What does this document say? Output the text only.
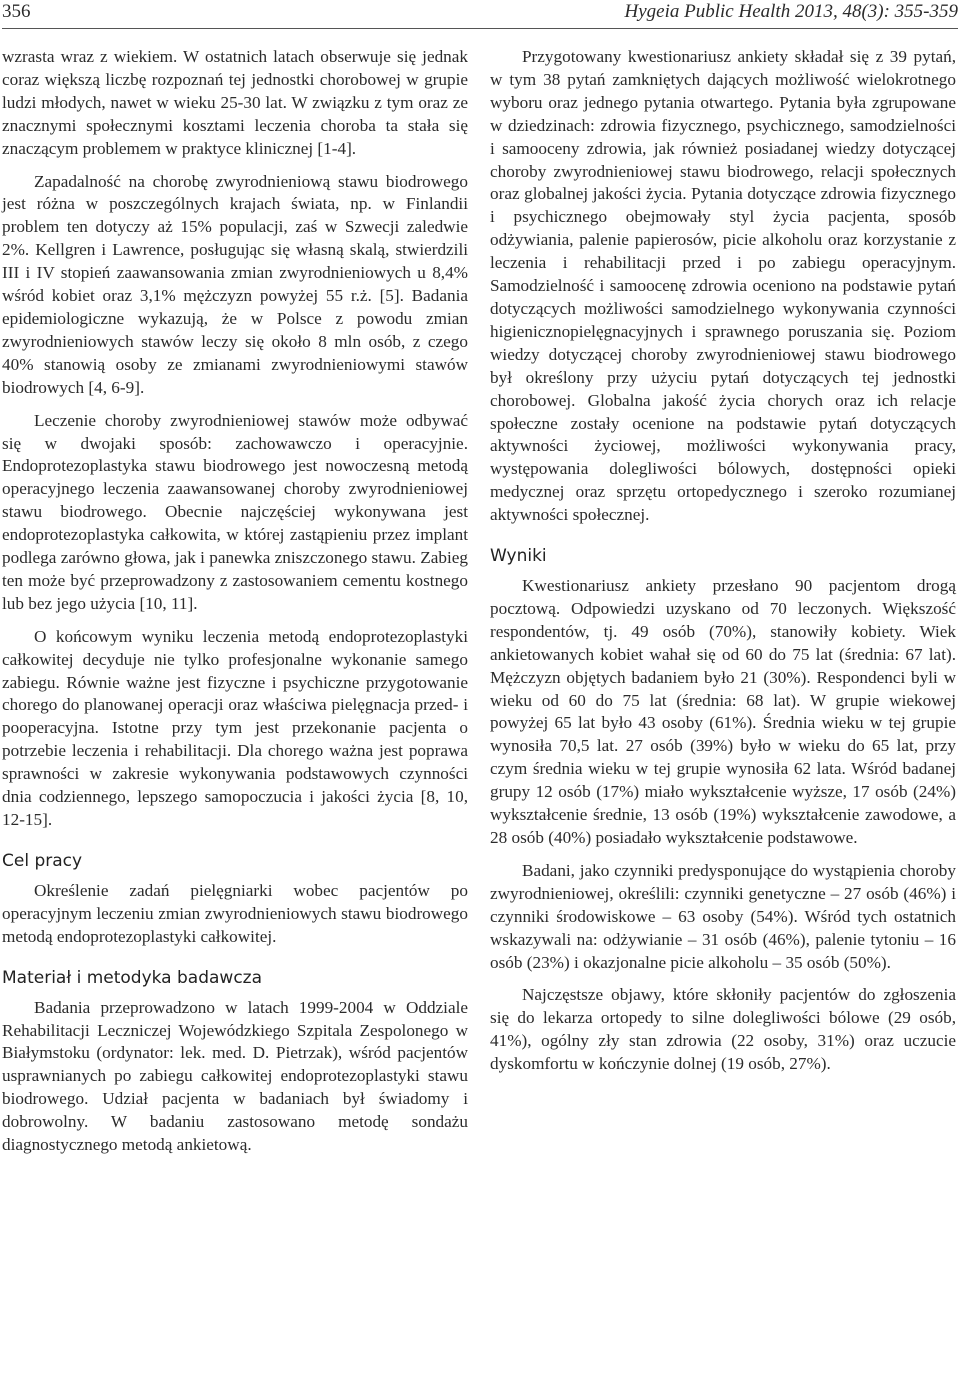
356	Hygeia Public Health 2013, 48(3): 355-359

wzrasta wraz z wiekiem. W ostatnich latach obserwuje się jednak coraz większą liczbę rozpoznań tej jednostki chorobowej w grupie ludzi młodych, nawet w wieku 25-30 lat. W związku z tym oraz ze znacznymi społecznymi kosztami leczenia choroba ta stała się znaczącym problemem w praktyce klinicznej [1-4].

Zapadalność na chorobę zwyrodnieniową stawu biodrowego jest różna w poszczególnych krajach świata, np. w Finlandii problem ten dotyczy aż 15% populacji, zaś w Szwecji zaledwie 2%. Kellgren i Lawrence, posługując się własną skalą, stwierdzili III i IV stopień zaawansowania zmian zwyrodnieniowych u 8,4% wśród kobiet oraz 3,1% mężczyzn powyżej 55 r.ż. [5]. Badania epidemiologiczne wykazują, że w Polsce z powodu zmian zwyrodnieniowych stawów leczy się około 8 mln osób, z czego 40% stanowią osoby ze zmianami zwyrodnieniowymi stawów biodrowych [4, 6-9].

Leczenie choroby zwyrodnieniowej stawów może odbywać się w dwojaki sposób: zachowawczo i operacyjnie. Endoprotezoplastyka stawu biodrowego jest nowoczesną metodą operacyjnego leczenia zaawansowanej choroby zwyrodnieniowej stawu biodrowego. Obecnie najczęściej wykonywana jest endoprotezoplastyka całkowita, w której zastąpieniu przez implant podlega zarówno głowa, jak i panewka zniszczonego stawu. Zabieg ten może być przeprowadzony z zastosowaniem cementu kostnego lub bez jego użycia [10, 11].

O końcowym wyniku leczenia metodą endoprotezoplastyki całkowitej decyduje nie tylko profesjonalne wykonanie samego zabiegu. Równie ważne jest fizyczne i psychiczne przygotowanie chorego do planowanej operacji oraz właściwa pielęgnacja przed- i pooperacyjna. Istotne przy tym jest przekonanie pacjenta o potrzebie leczenia i rehabilitacji. Dla chorego ważna jest poprawa sprawności w zakresie wykonywania podstawowych czynności dnia codziennego, lepszego samopoczucia i jakości życia [8, 10, 12-15].

Cel pracy

Określenie zadań pielęgniarki wobec pacjentów po operacyjnym leczeniu zmian zwyrodnieniowych stawu biodrowego metodą endoprotezoplastyki całkowitej.

Materiał i metodyka badawcza

Badania przeprowadzono w latach 1999-2004 w Oddziale Rehabilitacji Leczniczej Wojewódzkiego Szpitala Zespolonego w Białymstoku (ordynator: lek. med. D. Pietrzak), wśród pacjentów usprawnianych po zabiegu całkowitej endoprotezoplastyki stawu biodrowego. Udział pacjenta w badaniach był świadomy i dobrowolny. W badaniu zastosowano metodę sondażu diagnostycznego metodą ankietową.

Przygotowany kwestionariusz ankiety składał się z 39 pytań, w tym 38 pytań zamkniętych dających możliwość wielokrotnego wyboru oraz jednego pytania otwartego. Pytania była zgrupowane w dziedzinach: zdrowia fizycznego, psychicznego, samodzielności i samooceny zdrowia, jak również posiadanej wiedzy dotyczącej choroby zwyrodnieniowej stawu biodrowego, relacji społecznych oraz globalnej jakości życia. Pytania dotyczące zdrowia fizycznego i psychicznego obejmowały styl życia pacjenta, sposób odżywiania, palenie papierosów, picie alkoholu oraz korzystanie z leczenia i rehabilitacji przed i po zabiegu operacyjnym. Samodzielność i samoocenę zdrowia oceniono na podstawie pytań dotyczących możliwości samodzielnego wykonywania czynności higienicznopielęgnacyjnych i sprawnego poruszania się. Poziom wiedzy dotyczącej choroby zwyrodnieniowej stawu biodrowego był określony przy użyciu pytań dotyczących tej jednostki chorobowej. Globalna jakość życia chorych oraz ich relacje społeczne zostały ocenione na podstawie pytań dotyczących aktywności życiowej, możliwości wykonywania pracy, występowania dolegliwości bólowych, dostępności opieki medycznej oraz sprzętu ortopedycznego i szeroko rozumianej aktywności społecznej.

Wyniki

Kwestionariusz ankiety przesłano 90 pacjentom drogą pocztową. Odpowiedzi uzyskano od 70 leczonych. Większość respondentów, tj. 49 osób (70%), stanowiły kobiety. Wiek ankietowanych kobiet wahał się od 60 do 75 lat (średnia: 67 lat). Mężczyzn objętych badaniem było 21 (30%). Respondenci byli w wieku od 60 do 75 lat (średnia: 68 lat). W grupie wiekowej powyżej 65 lat było 43 osoby (61%). Średnia wieku w tej grupie wynosiła 70,5 lat. 27 osób (39%) było w wieku do 65 lat, przy czym średnia wieku w tej grupie wynosiła 62 lata. Wśród badanej grupy 12 osób (17%) miało wykształcenie wyższe, 17 osób (24%) wykształcenie średnie, 13 osób (19%) wykształcenie zawodowe, a 28 osób (40%) posiadało wykształcenie podstawowe.

Badani, jako czynniki predysponujące do wystąpienia choroby zwyrodnieniowej, określili: czynniki genetyczne – 27 osób (46%) i czynniki środowiskowe – 63 osoby (54%). Wśród tych ostatnich wskazywali na: odżywianie – 31 osób (46%), palenie tytoniu – 16 osób (23%) i okazjonalne picie alkoholu – 35 osób (50%).

Najczęstsze objawy, które skłoniły pacjentów do zgłoszenia się do lekarza ortopedy to silne dolegliwości bólowe (29 osób, 41%), ogólny zły stan zdrowia (22 osoby, 31%) oraz uczucie dyskomfortu w kończynie dolnej (19 osób, 27%).
